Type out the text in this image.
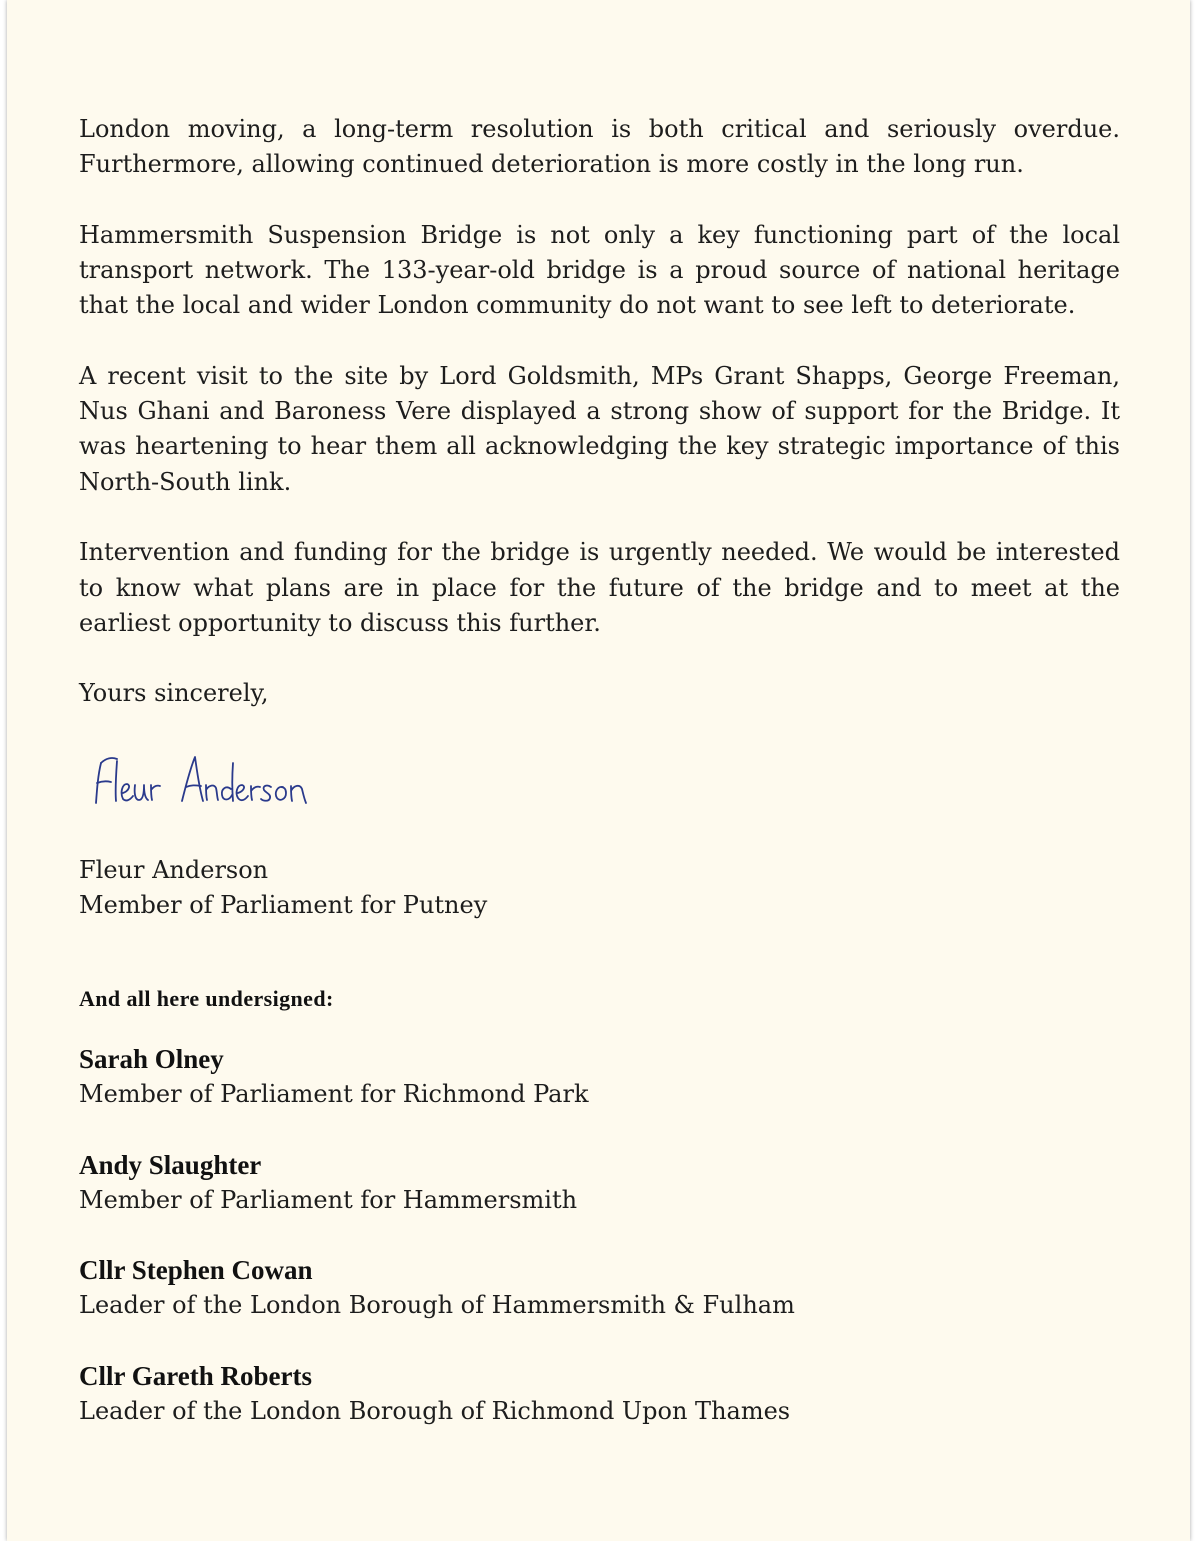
London moving, a long-term resolution is both critical and seriously overdue. Furthermore, allowing continued deterioration is more costly in the long run.

Hammersmith Suspension Bridge is not only a key functioning part of the local transport network. The 133-year-old bridge is a proud source of national heritage that the local and wider London community do not want to see left to deteriorate.

A recent visit to the site by Lord Goldsmith, MPs Grant Shapps, George Freeman, Nus Ghani and Baroness Vere displayed a strong show of support for the Bridge. It was heartening to hear them all acknowledging the key strategic importance of this North-South link.

Intervention and funding for the bridge is urgently needed. We would be interested to know what plans are in place for the future of the bridge and to meet at the earliest opportunity to discuss this further.

Yours sincerely,

Fleur Anderson
Member of Parliament for Putney
And all here undersigned:
Sarah Olney
Member of Parliament for Richmond Park
Andy Slaughter
Member of Parliament for Hammersmith
Cllr Stephen Cowan
Leader of the London Borough of Hammersmith & Fulham
Cllr Gareth Roberts
Leader of the London Borough of Richmond Upon Thames
